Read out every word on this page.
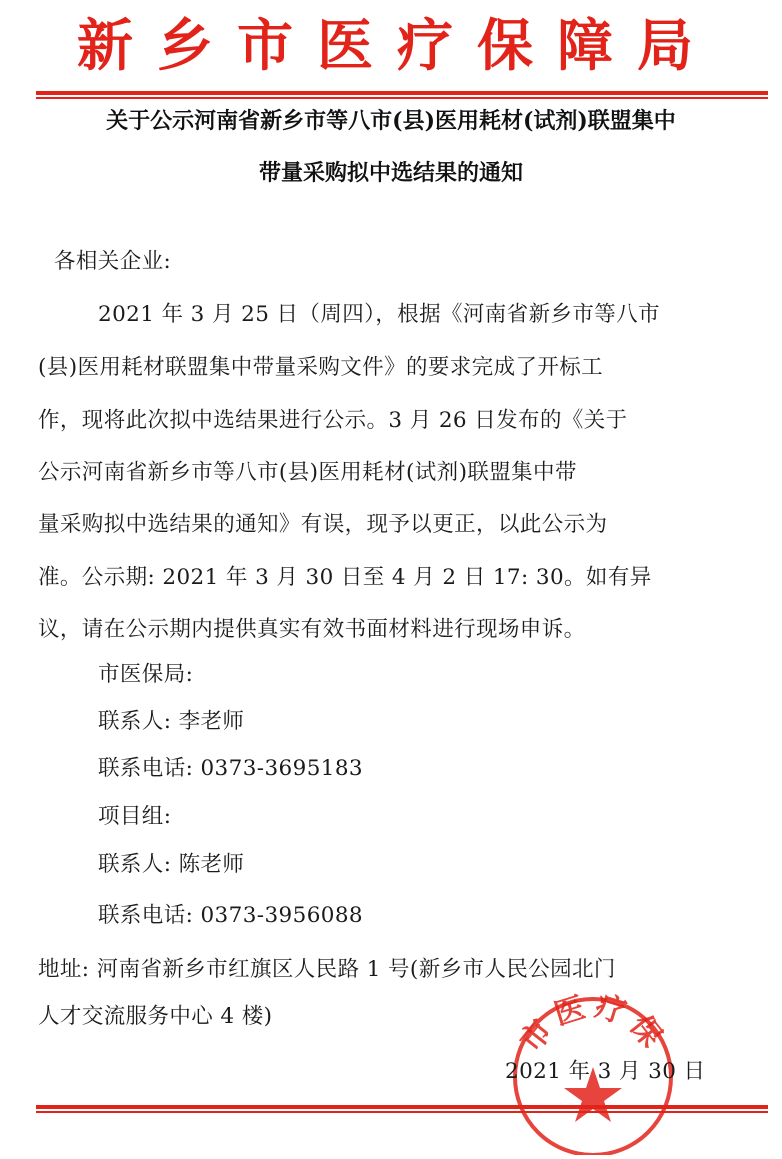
新乡市医疗保障局
关于公示河南省新乡市等八市(县)医用耗材(试剂)联盟集中
带量采购拟中选结果的通知
各相关企业:
2021 年 3 月 25 日（周四），根据《河南省新乡市等八市
(县)医用耗材联盟集中带量采购文件》的要求完成了开标工
作，现将此次拟中选结果进行公示。3 月 26 日发布的《关于
公示河南省新乡市等八市(县)医用耗材(试剂)联盟集中带
量采购拟中选结果的通知》有误，现予以更正，以此公示为
准。公示期: 2021 年 3 月 30 日至 4 月 2 日 17: 30。如有异
议，请在公示期内提供真实有效书面材料进行现场申诉。
市医保局:
联系人: 李老师
联系电话: 0373-3695183
项目组:
联系人: 陈老师
联系电话: 0373-3956088
地址: 河南省新乡市红旗区人民路 1 号(新乡市人民公园北门
人才交流服务中心 4 楼)	市医疗保
2021 年 3 月 30 日
